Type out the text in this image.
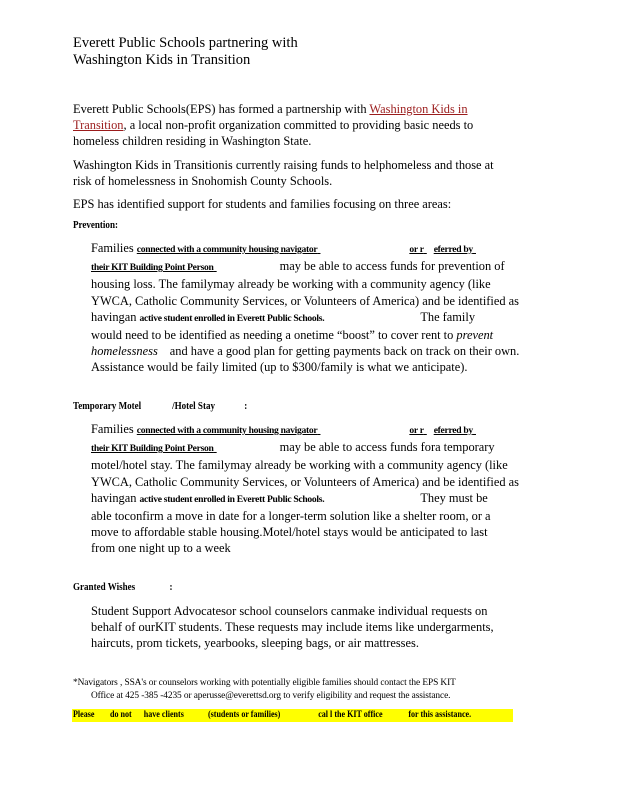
Everett Public Schools partnering with
Washington Kids in Transition
Everett Public Schools(EPS) has formed a partnership with Washington Kids in
Transition, a local non-profit organization committed to providing basic needs to
homeless children residing in Washington State.
Washington Kids in Transitionis currently raising funds to helphomeless and those at
risk of homelessness in Snohomish County Schools.
EPS has identified support for students and families focusing on three areas:
Prevention:
Families connected with a community housing navigator	or r eferred by
their KIT Building Point Person	may be able to access funds for prevention of
housing loss. The familymay already be working with a community agency (like
YWCA, Catholic Community Services, or Volunteers of America) and be identified as
havingan active student enrolled in Everett Public Schools.	The family
would need to be identified as needing a onetime “boost” to cover rent to prevent
homelessness and have a good plan for getting payments back on track on their own.
Assistance would be faily limited (up to $300/family is what we anticipate).
Temporary Motel	/Hotel Stay	:
Families connected with a community housing navigator	or r eferred by
their KIT Building Point Person	may be able to access funds fora temporary
motel/hotel stay. The familymay already be working with a community agency (like
YWCA, Catholic Community Services, or Volunteers of America) and be identified as
havingan active student enrolled in Everett Public Schools.	They must be
able toconfirm a move in date for a longer-term solution like a shelter room, or a
move to affordable stable housing.Motel/hotel stays would be anticipated to last
from one night up to a week
Granted Wishes	:
Student Support Advocatesor school counselors canmake individual requests on
behalf of ourKIT students. These requests may include items like undergarments,
haircuts, prom tickets, yearbooks, sleeping bags, or air mattresses.
*Navigators , SSA's or counselors working with potentially eligible families should contact the EPS KIT
Office at 425 -385 -4235 or aperusse@everettsd.org to verify eligibility and request the assistance.
Please do not have clients	(students or families)	cal l the KIT office	for this assistance.
